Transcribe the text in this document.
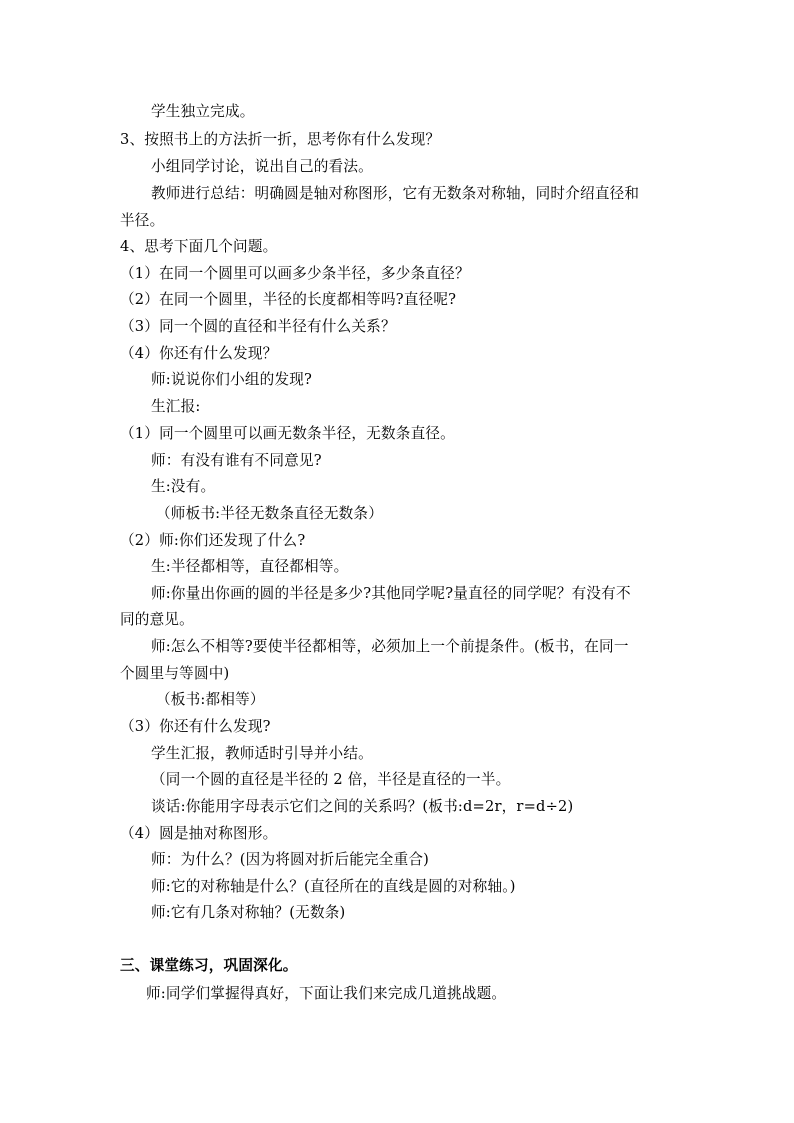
学生独立完成。
3、按照书上的方法折一折，思考你有什么发现？
小组同学讨论，说出自己的看法。
教师进行总结：明确圆是轴对称图形，它有无数条对称轴，同时介绍直径和
半径。
4、思考下面几个问题。
（1）在同一个圆里可以画多少条半径，多少条直径？
（2）在同一个圆里，半径的长度都相等吗?直径呢?
（3）同一个圆的直径和半径有什么关系？
（4）你还有什么发现？
师:说说你们小组的发现?
生汇报:
（1）同一个圆里可以画无数条半径，无数条直径。
师：有没有谁有不同意见?
生:没有。
（师板书:半径无数条直径无数条）
（2）师:你们还发现了什么?
生:半径都相等，直径都相等。
师:你量出你画的圆的半径是多少?其他同学呢?量直径的同学呢？有没有不
同的意见。
师:怎么不相等?要使半径都相等，必须加上一个前提条件。(板书，在同一
个圆里与等圆中)
（板书:都相等）
（3）你还有什么发现?
学生汇报，教师适时引导并小结。
（同一个圆的直径是半径的 2 倍，半径是直径的一半。
谈话:你能用字母表示它们之间的关系吗？(板书:d=2r，r=d÷2)
（4）圆是抽对称图形。
师：为什么？(因为将圆对折后能完全重合)
师:它的对称轴是什么？(直径所在的直线是圆的对称轴。)
师:它有几条对称轴？(无数条)
三、课堂练习，巩固深化。
师:同学们掌握得真好，下面让我们来完成几道挑战题。
